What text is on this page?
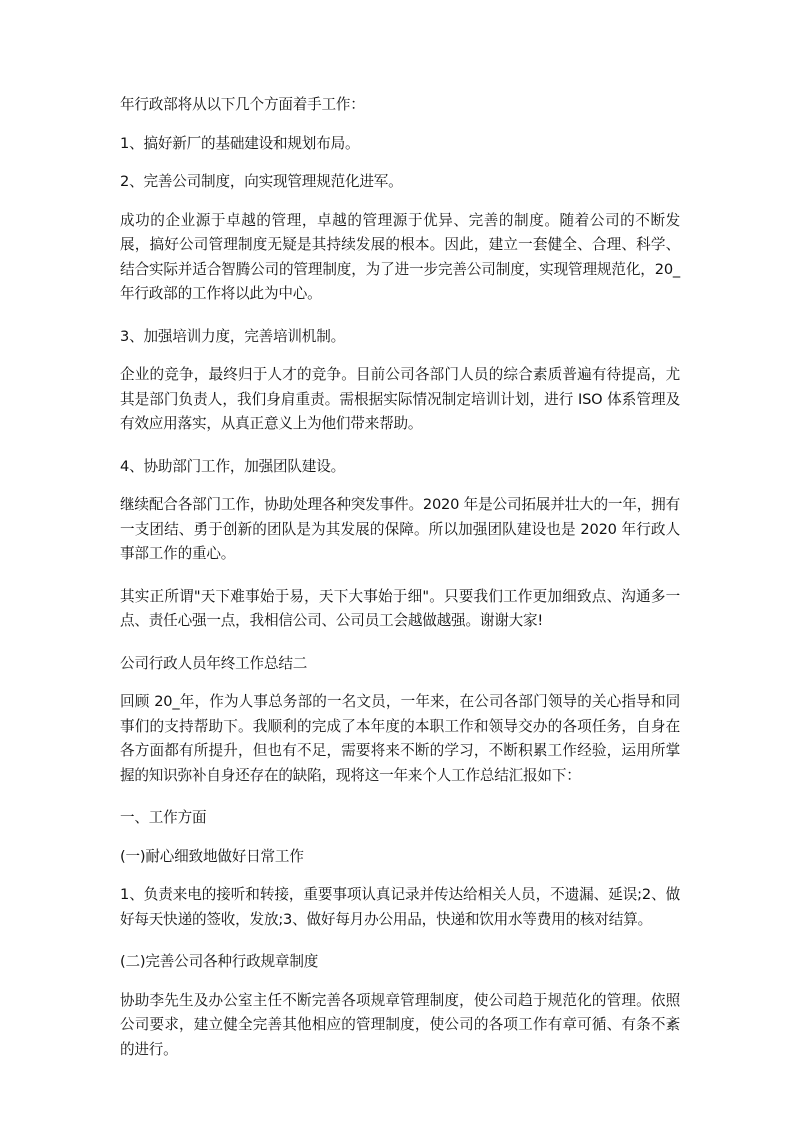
年行政部将从以下几个方面着手工作：

1、搞好新厂的基础建设和规划布局。

2、完善公司制度，向实现管理规范化进军。

成功的企业源于卓越的管理，卓越的管理源于优异、完善的制度。随着公司的不断发展，搞好公司管理制度无疑是其持续发展的根本。因此，建立一套健全、合理、科学、结合实际并适合智腾公司的管理制度，为了进一步完善公司制度，实现管理规范化，20_年行政部的工作将以此为中心。

3、加强培训力度，完善培训机制。

企业的竞争，最终归于人才的竞争。目前公司各部门人员的综合素质普遍有待提高，尤其是部门负责人，我们身肩重责。需根据实际情况制定培训计划，进行 ISO 体系管理及有效应用落实，从真正意义上为他们带来帮助。

4、协助部门工作，加强团队建设。

继续配合各部门工作，协助处理各种突发事件。2020 年是公司拓展并壮大的一年，拥有一支团结、勇于创新的团队是为其发展的保障。所以加强团队建设也是 2020 年行政人事部工作的重心。

其实正所谓"天下难事始于易，天下大事始于细"。只要我们工作更加细致点、沟通多一点、责任心强一点，我相信公司、公司员工会越做越强。谢谢大家!

公司行政人员年终工作总结二

回顾 20_年，作为人事总务部的一名文员，一年来，在公司各部门领导的关心指导和同事们的支持帮助下。我顺利的完成了本年度的本职工作和领导交办的各项任务，自身在各方面都有所提升，但也有不足，需要将来不断的学习，不断积累工作经验，运用所掌握的知识弥补自身还存在的缺陷，现将这一年来个人工作总结汇报如下：

一、工作方面

(一)耐心细致地做好日常工作

1、负责来电的接听和转接，重要事项认真记录并传达给相关人员，不遗漏、延误;2、做好每天快递的签收，发放;3、做好每月办公用品，快递和饮用水等费用的核对结算。

(二)完善公司各种行政规章制度

协助李先生及办公室主任不断完善各项规章管理制度，使公司趋于规范化的管理。依照公司要求，建立健全完善其他相应的管理制度，使公司的各项工作有章可循、有条不紊的进行。
